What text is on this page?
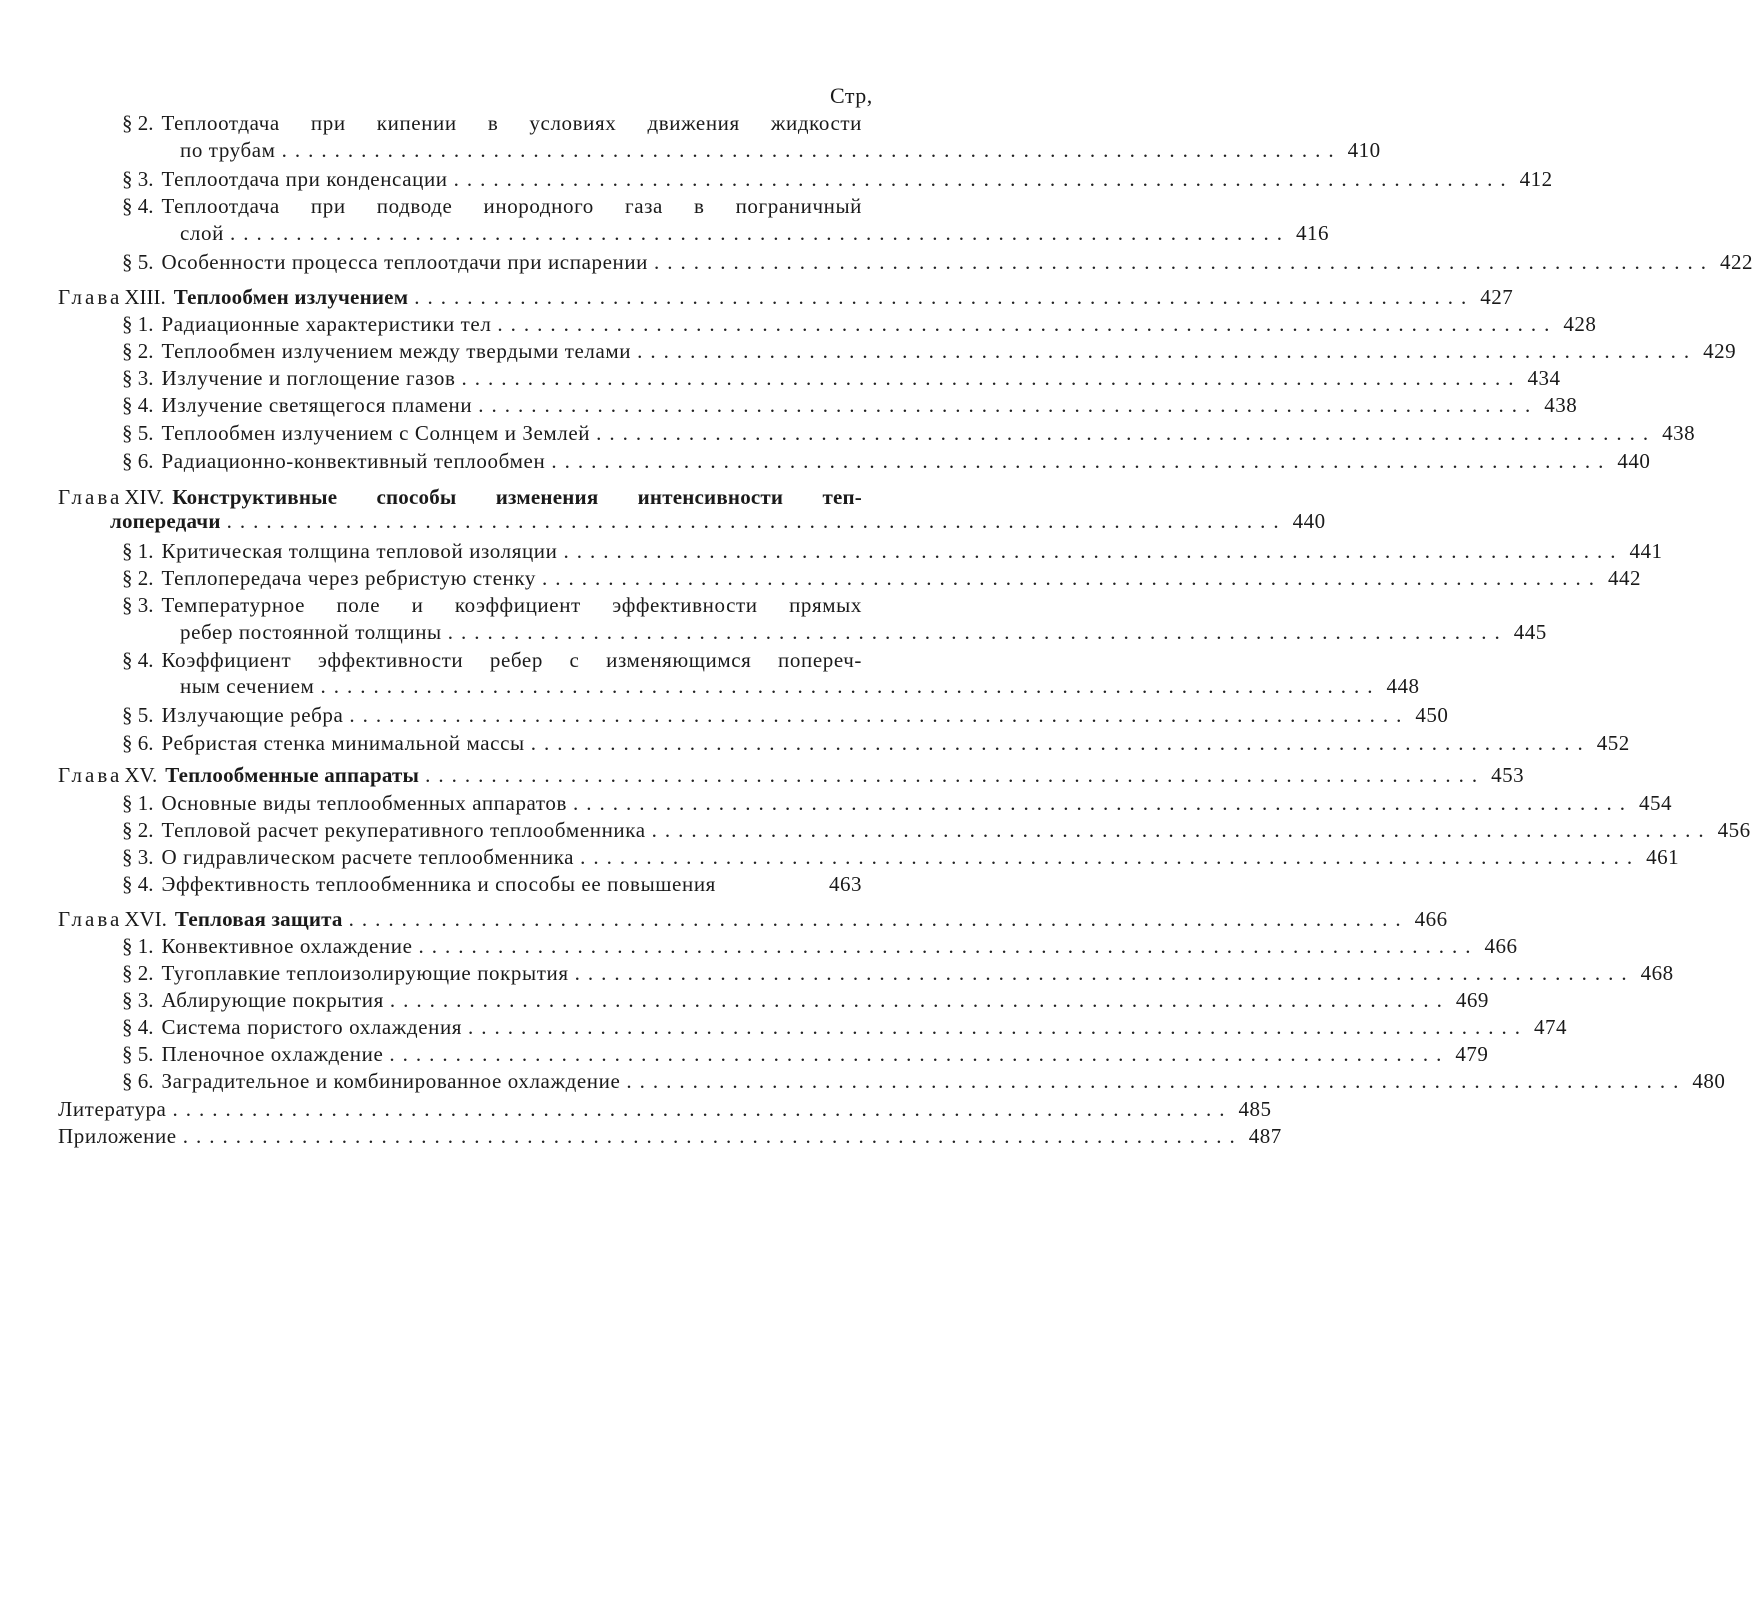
Стр,
§ 2. Теплоотдача при кипении в условиях движения жидкости
по трубам ................................................................................ 410
§ 3. Теплоотдача при конденсации ................................................................................ 412
§ 4. Теплоотдача при подводе инородного газа в пограничный
слой ................................................................................ 416
§ 5. Особенности процесса теплоотдачи при испарении ................................................................................ 422
Глава XIII. Теплообмен излучением ................................................................................ 427
§ 1. Радиационные характеристики тел ................................................................................ 428
§ 2. Теплообмен излучением между твердыми телами ................................................................................ 429
§ 3. Излучение и поглощение газов ................................................................................ 434
§ 4. Излучение светящегося пламени ................................................................................ 438
§ 5. Теплообмен излучением с Солнцем и Землей ................................................................................ 438
§ 6. Радиационно-конвективный теплообмен ................................................................................ 440
Глава XIV. Конструктивные способы изменения интенсивности теп-
лопередачи ................................................................................ 440
§ 1. Критическая толщина тепловой изоляции ................................................................................ 441
§ 2. Теплопередача через ребристую стенку ................................................................................ 442
§ 3. Температурное поле и коэффициент эффективности прямых
ребер постоянной толщины ................................................................................ 445
§ 4. Коэффициент эффективности ребер с изменяющимся попереч-
ным сечением ................................................................................ 448
§ 5. Излучающие ребра ................................................................................ 450
§ 6. Ребристая стенка минимальной массы ................................................................................ 452
Глава XV. Теплообменные аппараты ................................................................................ 453
§ 1. Основные виды теплообменных аппаратов ................................................................................ 454
§ 2. Тепловой расчет рекуперативного теплообменника ................................................................................ 456
§ 3. О гидравлическом расчете теплообменника ................................................................................ 461
§ 4. Эффективность теплообменника и способы ее повышения	463
Глава XVI. Тепловая защита ................................................................................ 466
§ 1. Конвективное охлаждение ................................................................................ 466
§ 2. Тугоплавкие теплоизолирующие покрытия ................................................................................ 468
§ 3. Аблирующие покрытия ................................................................................ 469
§ 4. Система пористого охлаждения ................................................................................ 474
§ 5. Пленочное охлаждение ................................................................................ 479
§ 6. Заградительное и комбинированное охлаждение ................................................................................ 480
Литература ................................................................................ 485
Приложение ................................................................................ 487
